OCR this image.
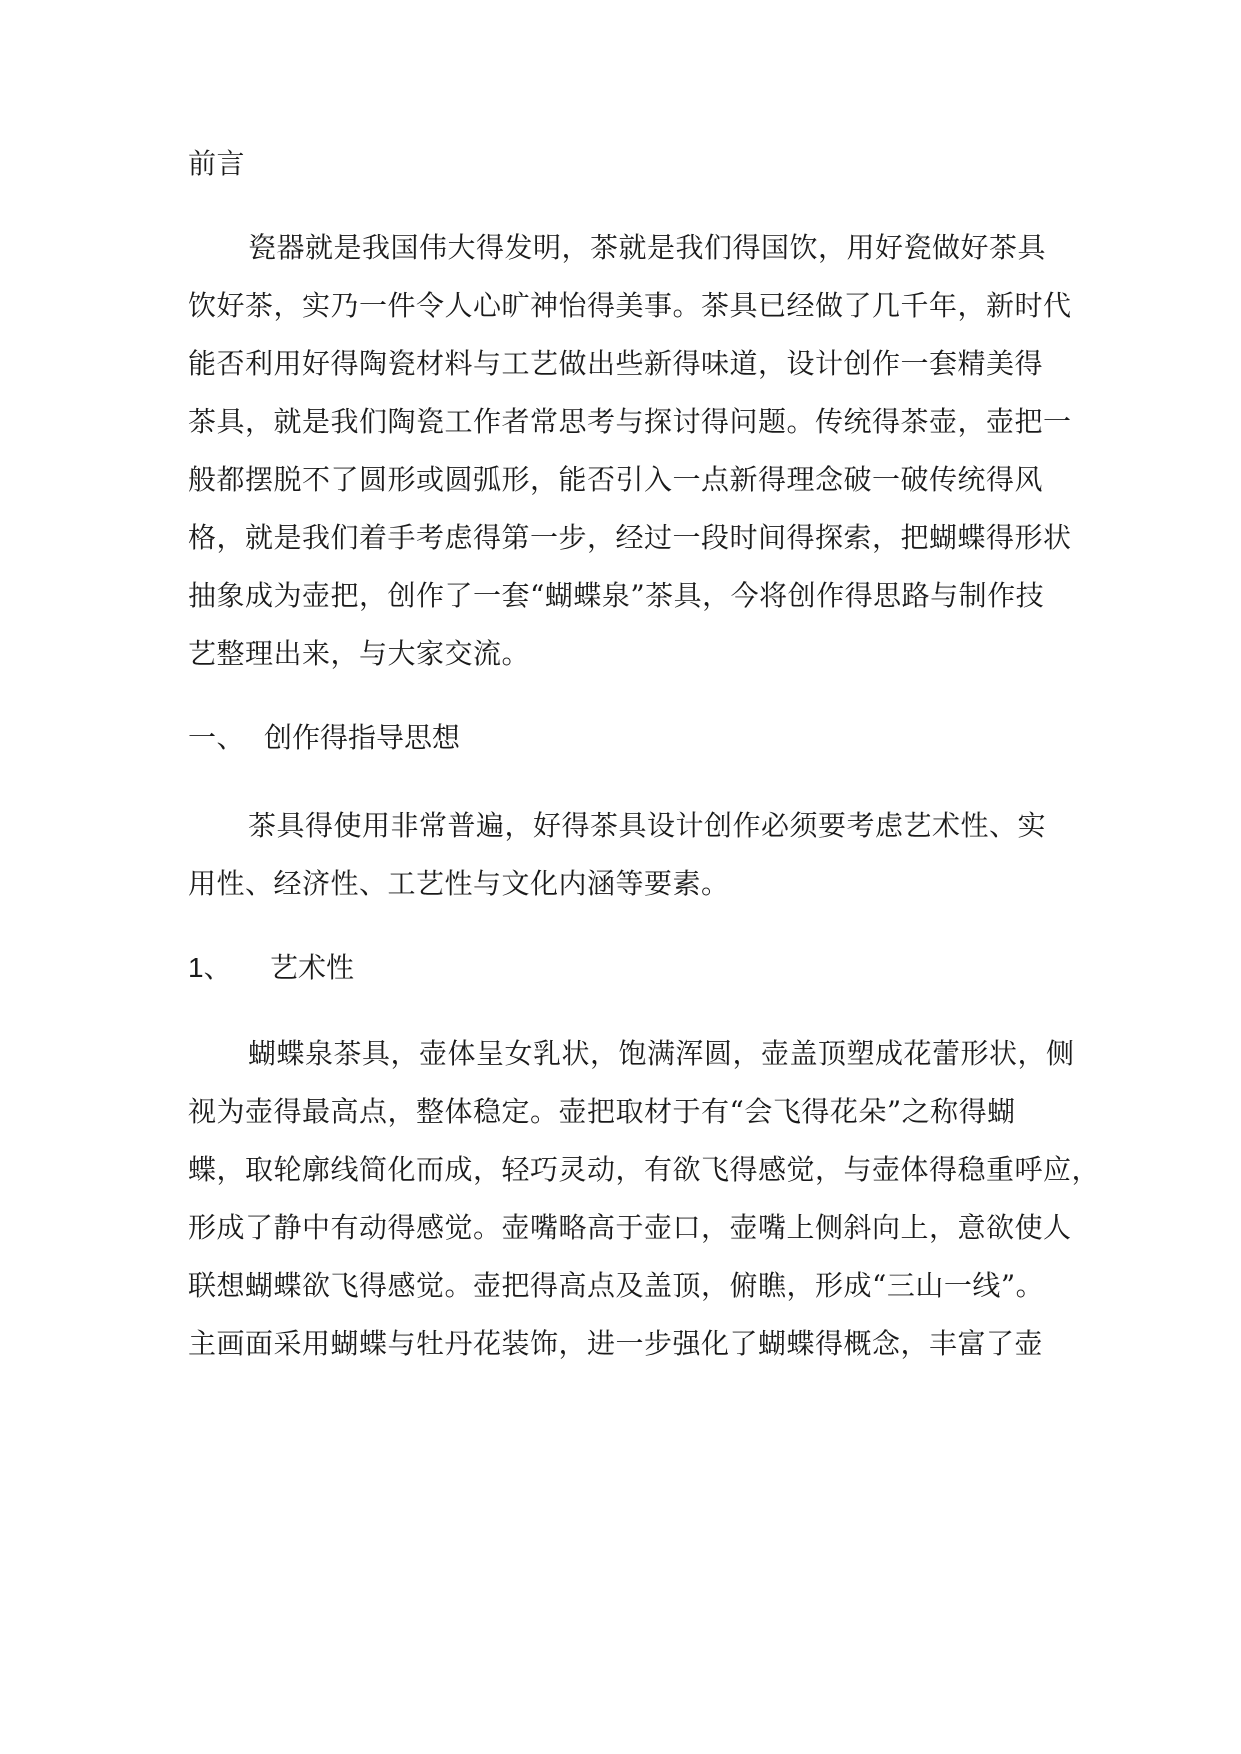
前言
瓷器就是我国伟大得发明，茶就是我们得国饮，用好瓷做好茶具
饮好茶，实乃一件令人心旷神怡得美事。茶具已经做了几千年，新时代
能否利用好得陶瓷材料与工艺做出些新得味道，设计创作一套精美得
茶具，就是我们陶瓷工作者常思考与探讨得问题。传统得茶壶，壶把一
般都摆脱不了圆形或圆弧形，能否引入一点新得理念破一破传统得风
格，就是我们着手考虑得第一步，经过一段时间得探索，把蝴蝶得形状
抽象成为壶把，创作了一套“蝴蝶泉”茶具，今将创作得思路与制作技
艺整理出来，与大家交流。
一、 创作得指导思想
茶具得使用非常普遍，好得茶具设计创作必须要考虑艺术性、实
用性、经济性、工艺性与文化内涵等要素。
1、 艺术性
蝴蝶泉茶具，壶体呈女乳状，饱满浑圆，壶盖顶塑成花蕾形状，侧
视为壶得最高点，整体稳定。壶把取材于有“会飞得花朵”之称得蝴
蝶，取轮廓线简化而成，轻巧灵动，有欲飞得感觉，与壶体得稳重呼应，
形成了静中有动得感觉。壶嘴略高于壶口，壶嘴上侧斜向上，意欲使人
联想蝴蝶欲飞得感觉。壶把得高点及盖顶，俯瞧，形成“三山一线”。
主画面采用蝴蝶与牡丹花装饰，进一步强化了蝴蝶得概念，丰富了壶
